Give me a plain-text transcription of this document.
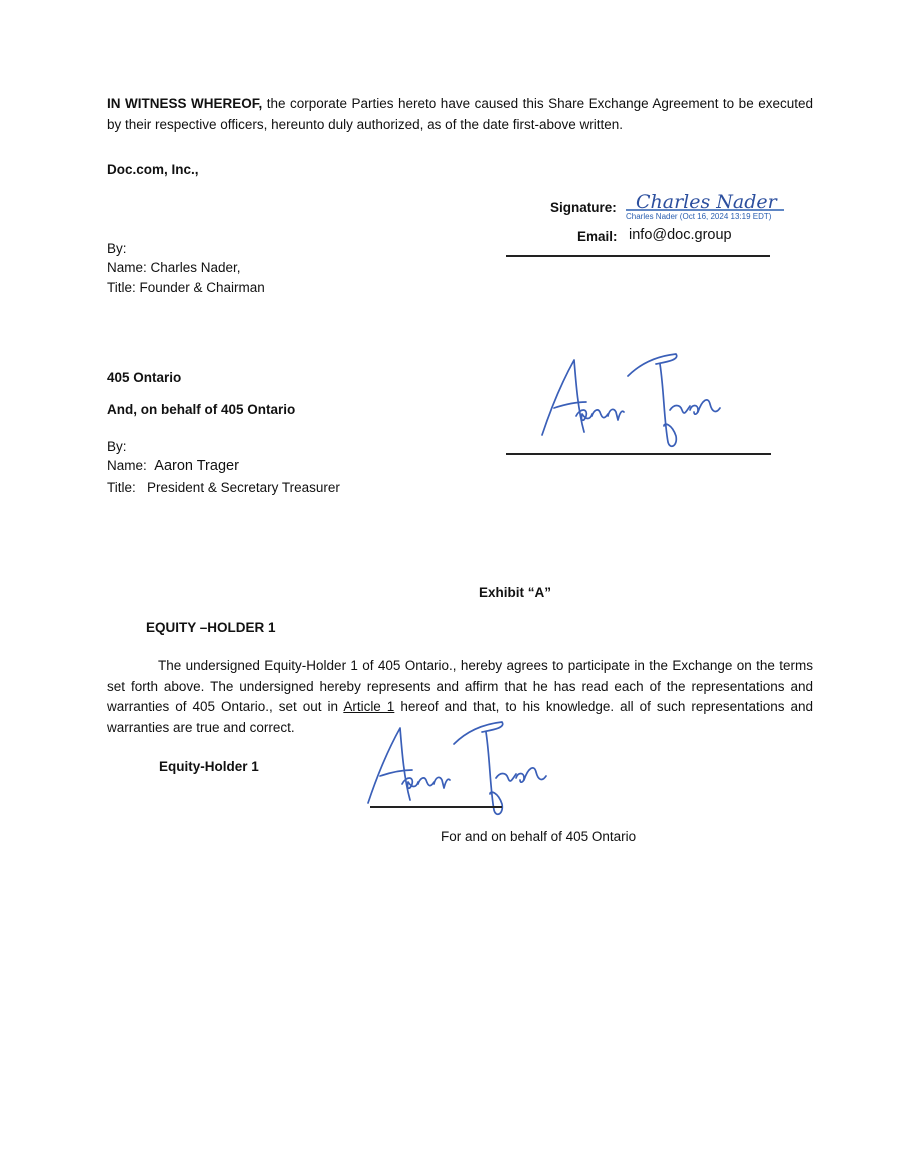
IN WITNESS WHEREOF, the corporate Parties hereto have caused this Share Exchange Agreement to be executed by their respective officers, hereunto duly authorized, as of the date first-above written.
Doc.com, Inc.,
By:
Name: Charles Nader,
Title: Founder & Chairman
Signature: Charles Nader
Charles Nader (Oct 16, 2024 13:19 EDT)
Email: info@doc.group
405 Ontario
And, on behalf of 405 Ontario
By:
Name: Aaron Trager
Title: President & Secretary Treasurer
Exhibit “A”
EQUITY –HOLDER 1
The undersigned Equity-Holder 1 of 405 Ontario., hereby agrees to participate in the Exchange on the terms set forth above. The undersigned hereby represents and affirm that he has read each of the representations and warranties of 405 Ontario., set out in Article 1 hereof and that, to his knowledge. all of such representations and warranties are true and correct.
Equity-Holder 1
For and on behalf of 405 Ontario
